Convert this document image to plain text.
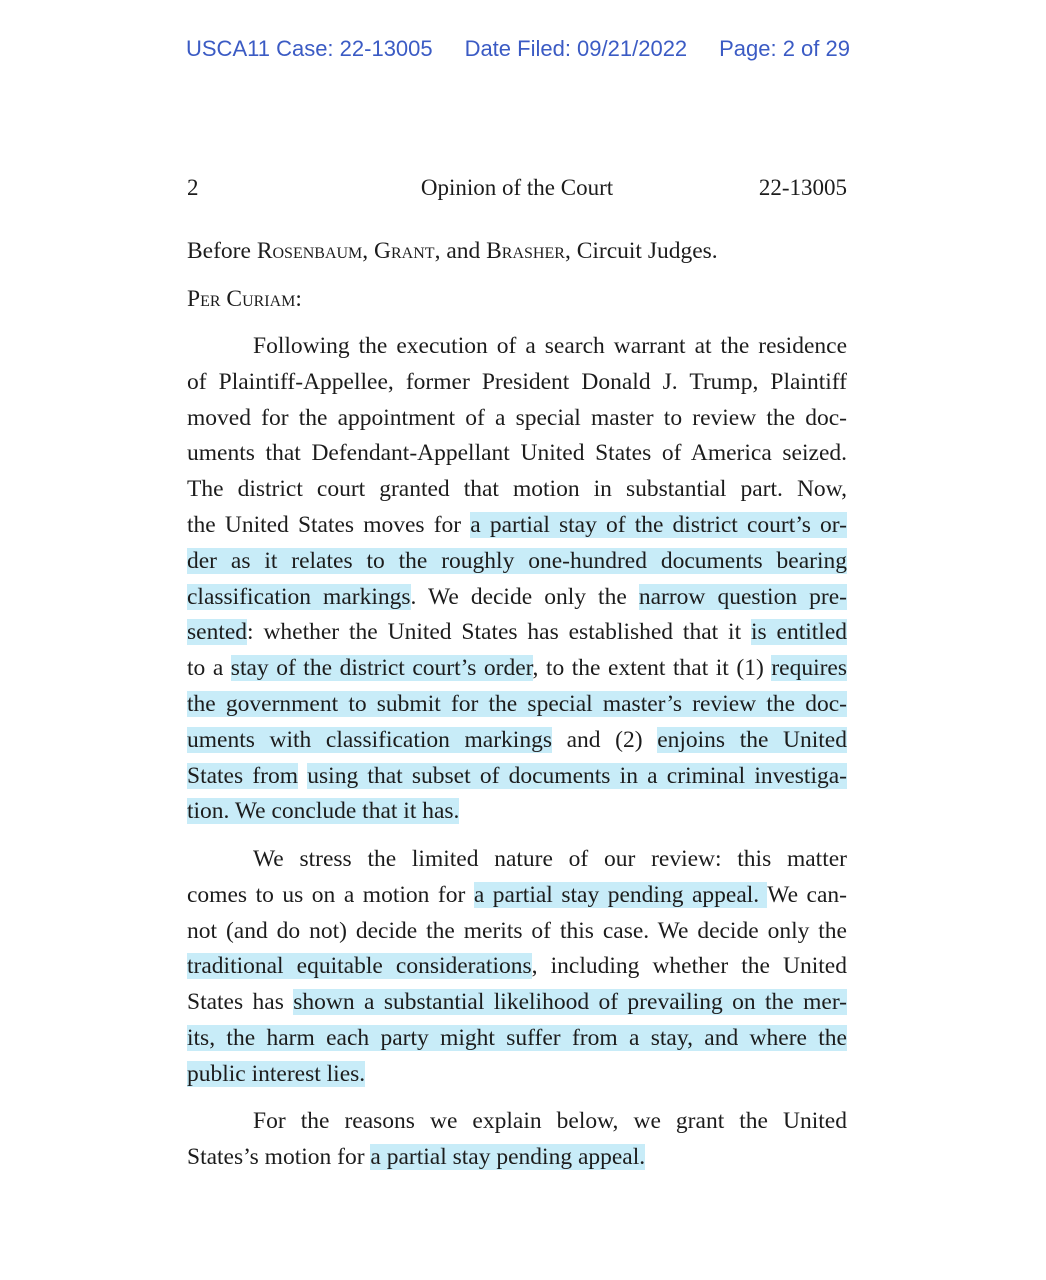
USCA11 Case: 22-13005 Date Filed: 09/21/2022 Page: 2 of 29
2	Opinion of the Court	22-13005
Before Rosenbaum, Grant, and Brasher, Circuit Judges.
Per Curiam:
Following the execution of a search warrant at the residence
of Plaintiff-Appellee, former President Donald J. Trump, Plaintiff
moved for the appointment of a special master to review the doc-
uments that Defendant-Appellant United States of America seized.
The district court granted that motion in substantial part. Now,
the United States moves for a partial stay of the district court’s or-
der as it relates to the roughly one-hundred documents bearing
classification markings. We decide only the narrow question pre-
sented: whether the United States has established that it is entitled
to a stay of the district court’s order, to the extent that it (1) requires
the government to submit for the special master’s review the doc-
uments with classification markings and (2) enjoins the United
States from using that subset of documents in a criminal investiga-
tion. We conclude that it has.
We stress the limited nature of our review: this matter
comes to us on a motion for a partial stay pending appeal. We can-
not (and do not) decide the merits of this case. We decide only the
traditional equitable considerations, including whether the United
States has shown a substantial likelihood of prevailing on the mer-
its, the harm each party might suffer from a stay, and where the
public interest lies.
For the reasons we explain below, we grant the United
States’s motion for a partial stay pending appeal.
